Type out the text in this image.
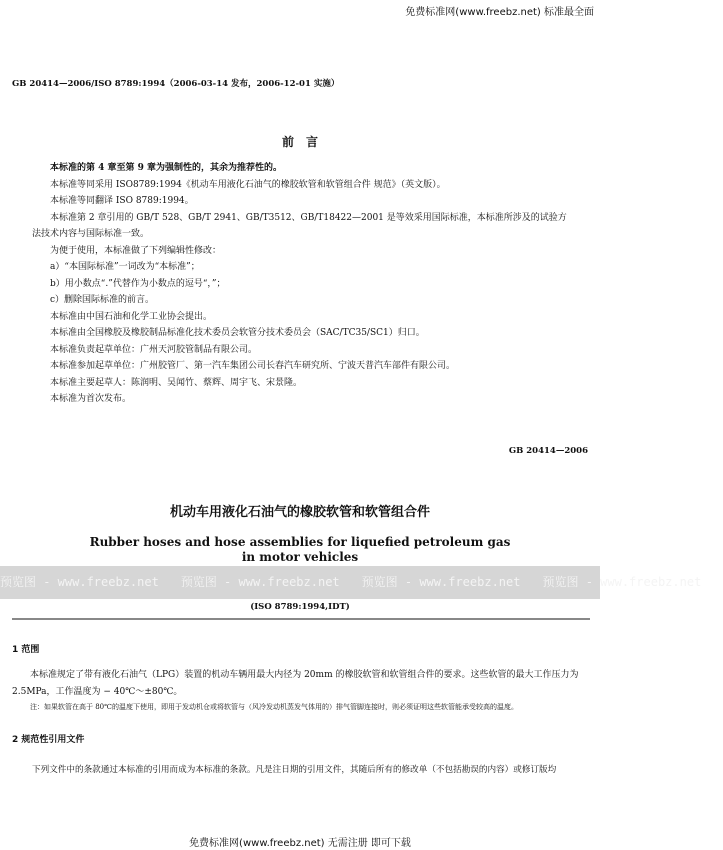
免费标准网(www.freebz.net) 标准最全面
GB 20414—2006/ISO 8789:1994（2006-03-14 发布，2006-12-01 实施）
前　言

本标准的第 4 章至第 9 章为强制性的，其余为推荐性的。

本标准等同采用 ISO8789:1994《机动车用液化石油气的橡胶软管和软管组合件 规范》（英文版）。

本标准等同翻译 ISO 8789:1994。

本标准第 2 章引用的 GB/T 528、GB/T 2941、GB/T3512、GB/T18422—2001 是等效采用国际标准，本标准所涉及的试验方法技术内容与国际标准一致。

为便于使用，本标准做了下列编辑性修改：

a）“本国际标准”一词改为“本标准”；

b）用小数点“.”代替作为小数点的逗号“，”；

c）删除国际标准的前言。

本标准由中国石油和化学工业协会提出。

本标准由全国橡胶及橡胶制品标准化技术委员会软管分技术委员会（SAC/TC35/SC1）归口。

本标准负责起草单位：广州天河胶管制品有限公司。

本标准参加起草单位：广州胶管厂、第一汽车集团公司长春汽车研究所、宁波天普汽车部件有限公司。

本标准主要起草人：陈润明、吴闻竹、蔡辉、周宇飞、宋景隆。

本标准为首次发布。

GB 20414—2006
机动车用液化石油气的橡胶软管和软管组合件
Rubber hoses and hose assemblies for liquefied petroleum gas
in motor vehicles
预览图 - www.freebz.net 预览图 - www.freebz.net 预览图 - www.freebz.net 预览图 - www.freebz.net
(ISO 8789:1994,IDT)
1 范围

本标准规定了带有液化石油气（LPG）装置的机动车辆用最大内径为 20mm 的橡胶软管和软管组合件的要求。这些软管的最大工作压力为 2.5MPa，工作温度为 − 40℃～±80℃。

注：如果软管在高于 80℃的温度下使用，即用于发动机仓或将软管与（风冷发动机蒸发气体用的）排气管脚连接时，则必须证明这些软管能承受较高的温度。

2 规范性引用文件
下列文件中的条款通过本标准的引用而成为本标准的条款。凡是注日期的引用文件，其随后所有的修改单（不包括勘误的内容）或修订版均
免费标准网(www.freebz.net) 无需注册 即可下载
